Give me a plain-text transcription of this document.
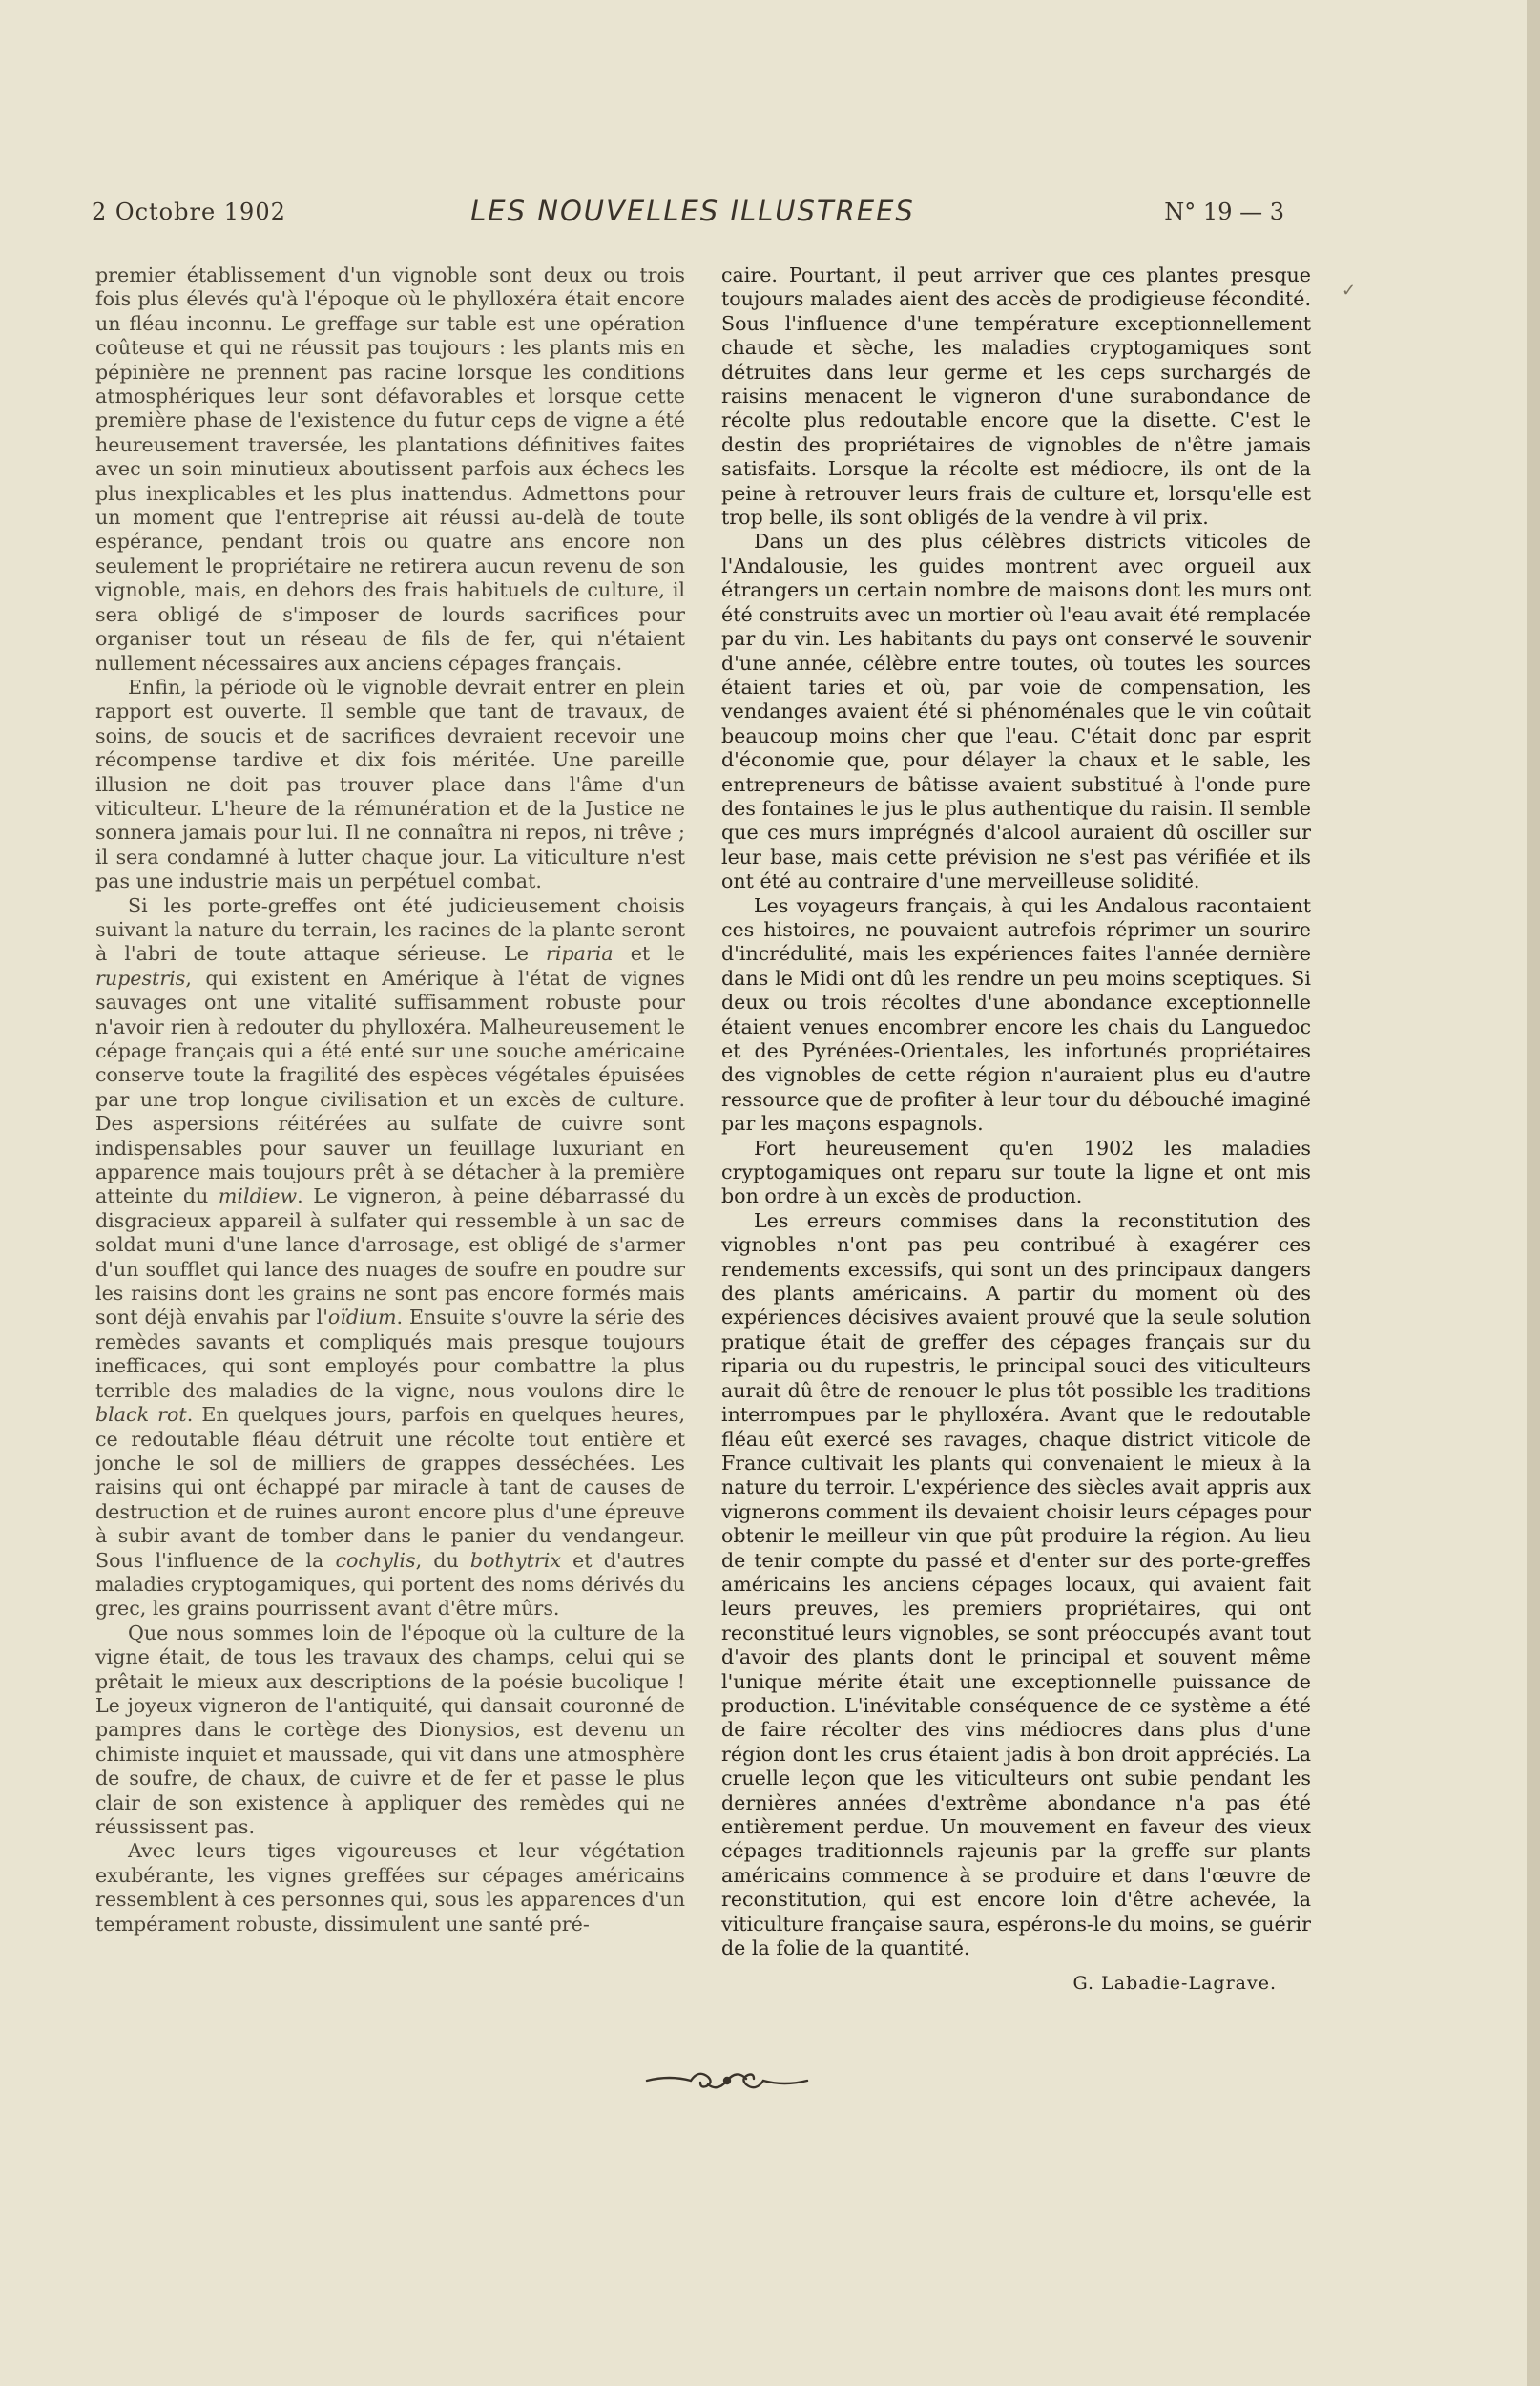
2 Octobre 1902	LES NOUVELLES ILLUSTREES	N° 19 — 3
✓

premier établissement d'un vignoble sont deux ou trois fois plus élevés qu'à l'époque où le phylloxéra était encore un fléau inconnu. Le greffage sur table est une opération coûteuse et qui ne réussit pas toujours : les plants mis en pépinière ne prennent pas racine lorsque les conditions atmosphériques leur sont défavorables et lorsque cette première phase de l'existence du futur ceps de vigne a été heureusement traversée, les plantations définitives faites avec un soin minutieux aboutissent parfois aux échecs les plus inexplicables et les plus inattendus. Admettons pour un moment que l'entreprise ait réussi au-delà de toute espérance, pendant trois ou quatre ans encore non seulement le propriétaire ne retirera aucun revenu de son vignoble, mais, en dehors des frais habituels de culture, il sera obligé de s'imposer de lourds sacrifices pour organiser tout un réseau de fils de fer, qui n'étaient nullement nécessaires aux anciens cépages français.

Enfin, la période où le vignoble devrait entrer en plein rapport est ouverte. Il semble que tant de travaux, de soins, de soucis et de sacrifices devraient recevoir une récompense tardive et dix fois méritée. Une pareille illusion ne doit pas trouver place dans l'âme d'un viticulteur. L'heure de la rémunération et de la Justice ne sonnera jamais pour lui. Il ne connaîtra ni repos, ni trêve ; il sera condamné à lutter chaque jour. La viticulture n'est pas une industrie mais un perpétuel combat.

Si les porte-greffes ont été judicieusement choisis suivant la nature du terrain, les racines de la plante seront à l'abri de toute attaque sérieuse. Le riparia et le rupestris, qui existent en Amérique à l'état de vignes sauvages ont une vitalité suffisamment robuste pour n'avoir rien à redouter du phylloxéra. Malheureusement le cépage français qui a été enté sur une souche américaine conserve toute la fragilité des espèces végétales épuisées par une trop longue civilisation et un excès de culture. Des aspersions réitérées au sulfate de cuivre sont indispensables pour sauver un feuillage luxuriant en apparence mais toujours prêt à se détacher à la première atteinte du mildiew. Le vigneron, à peine débarrassé du disgracieux appareil à sulfater qui ressemble à un sac de soldat muni d'une lance d'arrosage, est obligé de s'armer d'un soufflet qui lance des nuages de soufre en poudre sur les raisins dont les grains ne sont pas encore formés mais sont déjà envahis par l'oïdium. Ensuite s'ouvre la série des remèdes savants et compliqués mais presque toujours inefficaces, qui sont employés pour combattre la plus terrible des maladies de la vigne, nous voulons dire le black rot. En quelques jours, parfois en quelques heures, ce redoutable fléau détruit une récolte tout entière et jonche le sol de milliers de grappes desséchées. Les raisins qui ont échappé par miracle à tant de causes de destruction et de ruines auront encore plus d'une épreuve à subir avant de tomber dans le panier du vendangeur. Sous l'influence de la cochylis, du bothytrix et d'autres maladies cryptogamiques, qui portent des noms dérivés du grec, les grains pourrissent avant d'être mûrs.

Que nous sommes loin de l'époque où la culture de la vigne était, de tous les travaux des champs, celui qui se prêtait le mieux aux descriptions de la poésie bucolique ! Le joyeux vigneron de l'antiquité, qui dansait couronné de pampres dans le cortège des Dionysios, est devenu un chimiste inquiet et maussade, qui vit dans une atmosphère de soufre, de chaux, de cuivre et de fer et passe le plus clair de son existence à appliquer des remèdes qui ne réussissent pas.

Avec leurs tiges vigoureuses et leur végétation exubérante, les vignes greffées sur cépages américains ressemblent à ces personnes qui, sous les apparences d'un tempérament robuste, dissimulent une santé pré-

caire. Pourtant, il peut arriver que ces plantes presque toujours malades aient des accès de prodigieuse fécondité. Sous l'influence d'une température exceptionnellement chaude et sèche, les maladies cryptogamiques sont détruites dans leur germe et les ceps surchargés de raisins menacent le vigneron d'une surabondance de récolte plus redoutable encore que la disette. C'est le destin des propriétaires de vignobles de n'être jamais satisfaits. Lorsque la récolte est médiocre, ils ont de la peine à retrouver leurs frais de culture et, lorsqu'elle est trop belle, ils sont obligés de la vendre à vil prix.

Dans un des plus célèbres districts viticoles de l'Andalousie, les guides montrent avec orgueil aux étrangers un certain nombre de maisons dont les murs ont été construits avec un mortier où l'eau avait été remplacée par du vin. Les habitants du pays ont conservé le souvenir d'une année, célèbre entre toutes, où toutes les sources étaient taries et où, par voie de compensation, les vendanges avaient été si phénoménales que le vin coûtait beaucoup moins cher que l'eau. C'était donc par esprit d'économie que, pour délayer la chaux et le sable, les entrepreneurs de bâtisse avaient substitué à l'onde pure des fontaines le jus le plus authentique du raisin. Il semble que ces murs imprégnés d'alcool auraient dû osciller sur leur base, mais cette prévision ne s'est pas vérifiée et ils ont été au contraire d'une merveilleuse solidité.

Les voyageurs français, à qui les Andalous racontaient ces histoires, ne pouvaient autrefois réprimer un sourire d'incrédulité, mais les expériences faites l'année dernière dans le Midi ont dû les rendre un peu moins sceptiques. Si deux ou trois récoltes d'une abondance exceptionnelle étaient venues encombrer encore les chais du Languedoc et des Pyrénées-Orientales, les infortunés propriétaires des vignobles de cette région n'auraient plus eu d'autre ressource que de profiter à leur tour du débouché imaginé par les maçons espagnols.

Fort heureusement qu'en 1902 les maladies cryptogamiques ont reparu sur toute la ligne et ont mis bon ordre à un excès de production.

Les erreurs commises dans la reconstitution des vignobles n'ont pas peu contribué à exagérer ces rendements excessifs, qui sont un des principaux dangers des plants américains. A partir du moment où des expériences décisives avaient prouvé que la seule solution pratique était de greffer des cépages français sur du riparia ou du rupestris, le principal souci des viticulteurs aurait dû être de renouer le plus tôt possible les traditions interrompues par le phylloxéra. Avant que le redoutable fléau eût exercé ses ravages, chaque district viticole de France cultivait les plants qui convenaient le mieux à la nature du terroir. L'expérience des siècles avait appris aux vignerons comment ils devaient choisir leurs cépages pour obtenir le meilleur vin que pût produire la région. Au lieu de tenir compte du passé et d'enter sur des porte-greffes américains les anciens cépages locaux, qui avaient fait leurs preuves, les premiers propriétaires, qui ont reconstitué leurs vignobles, se sont préoccupés avant tout d'avoir des plants dont le principal et souvent même l'unique mérite était une exceptionnelle puissance de production. L'inévitable conséquence de ce système a été de faire récolter des vins médiocres dans plus d'une région dont les crus étaient jadis à bon droit appréciés. La cruelle leçon que les viticulteurs ont subie pendant les dernières années d'extrême abondance n'a pas été entièrement perdue. Un mouvement en faveur des vieux cépages traditionnels rajeunis par la greffe sur plants américains commence à se produire et dans l'œuvre de reconstitution, qui est encore loin d'être achevée, la viticulture française saura, espérons-le du moins, se guérir de la folie de la quantité.

G. Labadie-Lagrave.
